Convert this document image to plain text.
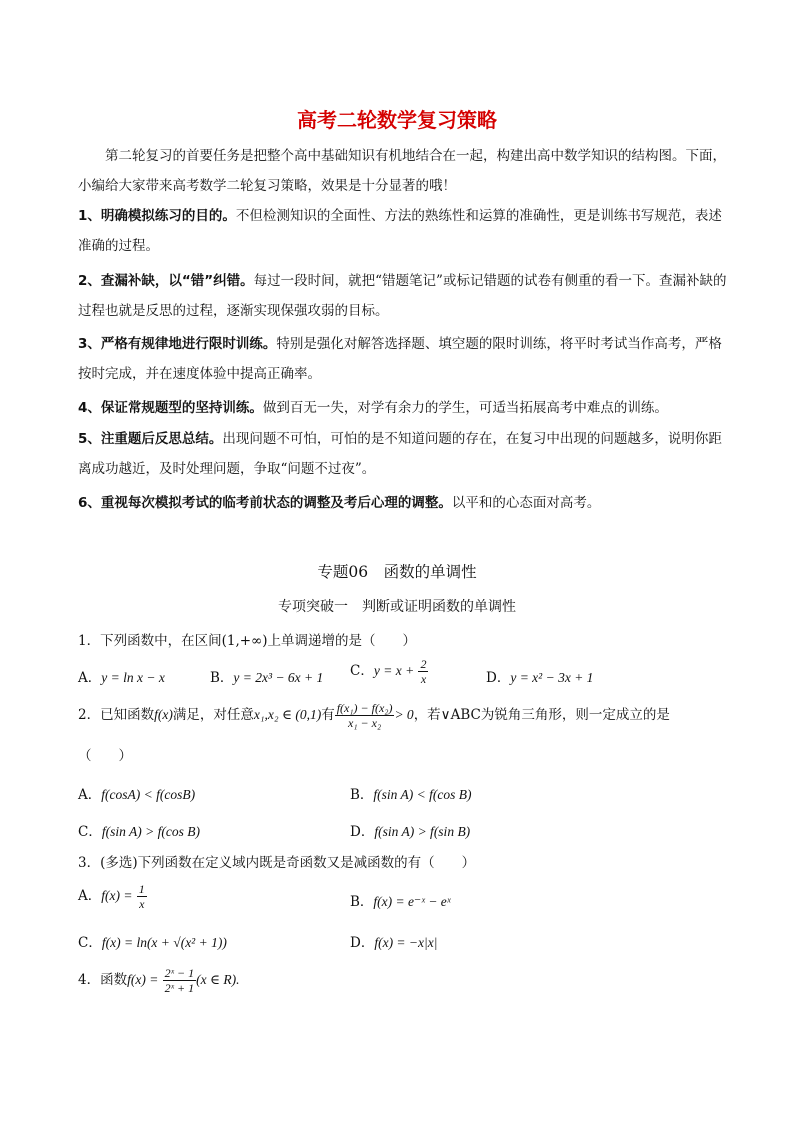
高考二轮数学复习策略
第二轮复习的首要任务是把整个高中基础知识有机地结合在一起，构建出高中数学知识的结构图。下面，小编给大家带来高考数学二轮复习策略，效果是十分显著的哦！
1、明确模拟练习的目的。不但检测知识的全面性、方法的熟练性和运算的准确性，更是训练书写规范，表述准确的过程。
2、查漏补缺，以“错”纠错。每过一段时间，就把“错题笔记”或标记错题的试卷有侧重的看一下。查漏补缺的过程也就是反思的过程，逐渐实现保强攻弱的目标。
3、严格有规律地进行限时训练。特别是强化对解答选择题、填空题的限时训练，将平时考试当作高考，严格按时完成，并在速度体验中提高正确率。
4、保证常规题型的坚持训练。做到百无一失，对学有余力的学生，可适当拓展高考中难点的训练。
5、注重题后反思总结。出现问题不可怕，可怕的是不知道问题的存在，在复习中出现的问题越多，说明你距离成功越近，及时处理问题，争取“问题不过夜”。
6、重视每次模拟考试的临考前状态的调整及考后心理的调整。以平和的心态面对高考。
专题06　函数的单调性
专项突破一　判断或证明函数的单调性
1．下列函数中，在区间(1,+∞)上单调递增的是（　　）
A．y = ln x − x	B．y = 2x³ − 6x + 1 C．$y = x + \frac{2}{x}$	D．y = x² − 3x + 1
2．已知函数f(x)满足，对任意x₁,x₂ ∈ (0,1)有 $\frac{\text{f(x₁) − f(x₂)}}{\text{x₁ − x₂}} > 0$，若∨ABC为锐角三角形，则一定成立的是
（　　）
A．f(cosA) < f(cosB)	B．f(sin A) < f(cos B)
C．f(sin A) > f(cos B)	D．f(sin A) > f(sin B)
3．(多选)下列函数在定义域内既是奇函数又是减函数的有（　　）
A．$f(x) = \frac{1}{x}$	B．f(x) = e⁻ˣ − eˣ
C．f(x) = ln(x + √(x² + 1))	D．f(x) = −x|x|
4．函数$f(x) = \frac{\text{2ˣ − 1}}{\text{2ˣ + 1}} (x$ ∈ R).
